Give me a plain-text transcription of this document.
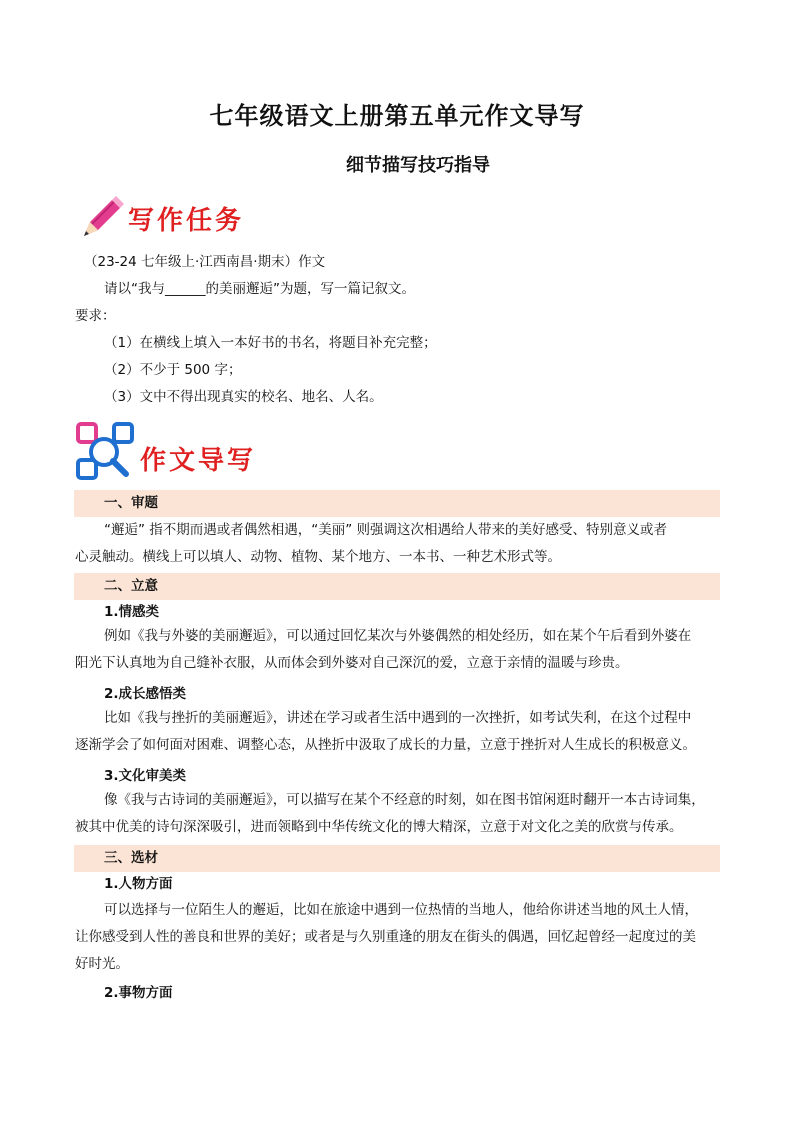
七年级语文上册第五单元作文导写
细节描写技巧指导
写作任务
（23-24 七年级上·江西南昌·期末）作文
请以“我与______的美丽邂逅”为题，写一篇记叙文。
要求：
（1）在横线上填入一本好书的书名，将题目补充完整；
（2）不少于 500 字；
（3）文中不得出现真实的校名、地名、人名。
作文导写
一、审题
“邂逅” 指不期而遇或者偶然相遇，“美丽” 则强调这次相遇给人带来的美好感受、特别意义或者
心灵触动。横线上可以填人、动物、植物、某个地方、一本书、一种艺术形式等。
二、立意
1.情感类
例如《我与外婆的美丽邂逅》，可以通过回忆某次与外婆偶然的相处经历，如在某个午后看到外婆在
阳光下认真地为自己缝补衣服，从而体会到外婆对自己深沉的爱，立意于亲情的温暖与珍贵。
2.成长感悟类
比如《我与挫折的美丽邂逅》，讲述在学习或者生活中遇到的一次挫折，如考试失利，在这个过程中
逐渐学会了如何面对困难、调整心态，从挫折中汲取了成长的力量，立意于挫折对人生成长的积极意义。
3.文化审美类
像《我与古诗词的美丽邂逅》，可以描写在某个不经意的时刻，如在图书馆闲逛时翻开一本古诗词集，
被其中优美的诗句深深吸引，进而领略到中华传统文化的博大精深，立意于对文化之美的欣赏与传承。
三、选材
1.人物方面
可以选择与一位陌生人的邂逅，比如在旅途中遇到一位热情的当地人，他给你讲述当地的风土人情，
让你感受到人性的善良和世界的美好；或者是与久别重逢的朋友在街头的偶遇，回忆起曾经一起度过的美
好时光。
2.事物方面
